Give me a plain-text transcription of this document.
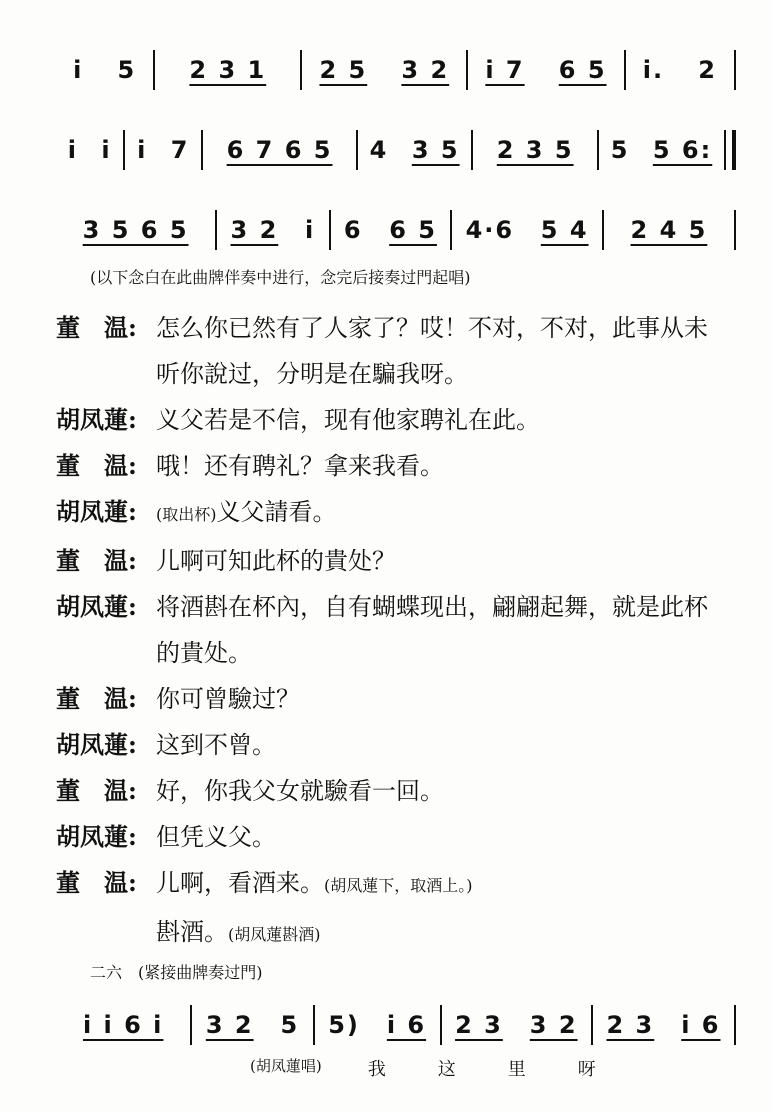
i 5 2 3 1 2 5 3 2 i 7 6 5 i. 2
i i i 7 6 7 6 5 4 3 5 2 3 5 5 5 6:
3 5 6 5 3 2 i 6 6 5 4·6 5 4 2 4 5
(以下念白在此曲牌伴奏中进行，念完后接奏过門起唱)
董　温: 怎么你已然有了人家了？哎！不对，不对，此事从未
听你說过，分明是在騙我呀。
胡凤蓮: 义父若是不信，现有他家聘礼在此。
董　温: 哦！还有聘礼？拿来我看。
胡凤蓮:	(取出杯)义父請看。
董　温: 儿啊可知此杯的貴处？
胡凤蓮: 将酒斟在杯內，自有蝴蝶现出，翩翩起舞，就是此杯
的貴处。
董　温: 你可曾驗过？
胡凤蓮: 这到不曾。
董　温: 好，你我父女就驗看一回。
胡凤蓮: 但凭义父。
董　温: 儿啊，看酒来。(胡凤蓮下，取酒上。)
斟酒。(胡凤蓮斟酒)
二六　(紧接曲牌奏过門)
i i 6 i 3 2 5 5) i 6 2 3 3 2 2 3 i 6
(胡凤蓮唱)	我	这	里	呀
